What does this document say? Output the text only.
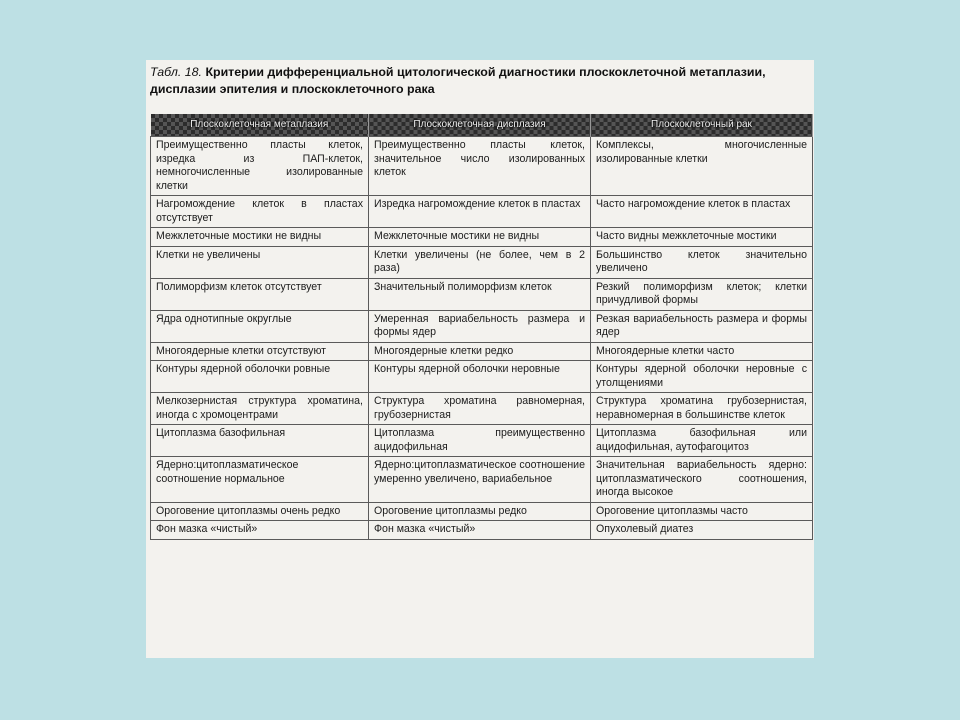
Табл. 18. Критерии дифференциальной цитологической диагностики плоскоклеточной метаплазии, дисплазии эпителия и плоскоклеточного рака
Плоскоклеточная метаплазия	Плоскоклеточная дисплазия	Плоскоклеточный рак
Преимущественно пласты клеток, изредка из ПАП-клеток, немногочисленные изолированные клетки	Преимущественно пласты клеток, значительное число изолированных клеток	Комплексы, многочисленные изолированные клетки
Нагромождение клеток в пластах отсутствует	Изредка нагромождение клеток в пластах	Часто нагромождение клеток в пластах
Межклеточные мостики не видны	Межклеточные мостики не видны	Часто видны межклеточные мостики
Клетки не увеличены	Клетки увеличены (не более, чем в 2 раза)	Большинство клеток значительно увеличено
Полиморфизм клеток отсутствует	Значительный полиморфизм клеток	Резкий полиморфизм клеток; клетки причудливой формы
Ядра однотипные округлые	Умеренная вариабельность размера и формы ядер	Резкая вариабельность размера и формы ядер
Многоядерные клетки отсутствуют	Многоядерные клетки редко	Многоядерные клетки часто
Контуры ядерной оболочки ровные	Контуры ядерной оболочки неровные	Контуры ядерной оболочки неровные с утолщениями
Мелкозернистая структура хроматина, иногда с хромоцентрами	Структура хроматина равномерная, грубозернистая	Структура хроматина грубозернистая, неравномерная в большинстве клеток
Цитоплазма базофильная	Цитоплазма преимущественно ацидофильная	Цитоплазма базофильная или ацидофильная, аутофагоцитоз
Ядерно:цитоплазматическое соотношение нормальное	Ядерно:цитоплазматическое соотношение умеренно увеличено, вариабельное	Значительная вариабельность ядерно: цитоплазматического соотношения, иногда высокое
Ороговение цитоплазмы очень редко	Ороговение цитоплазмы редко	Ороговение цитоплазмы часто
Фон мазка «чистый»	Фон мазка «чистый»	Опухолевый диатез
